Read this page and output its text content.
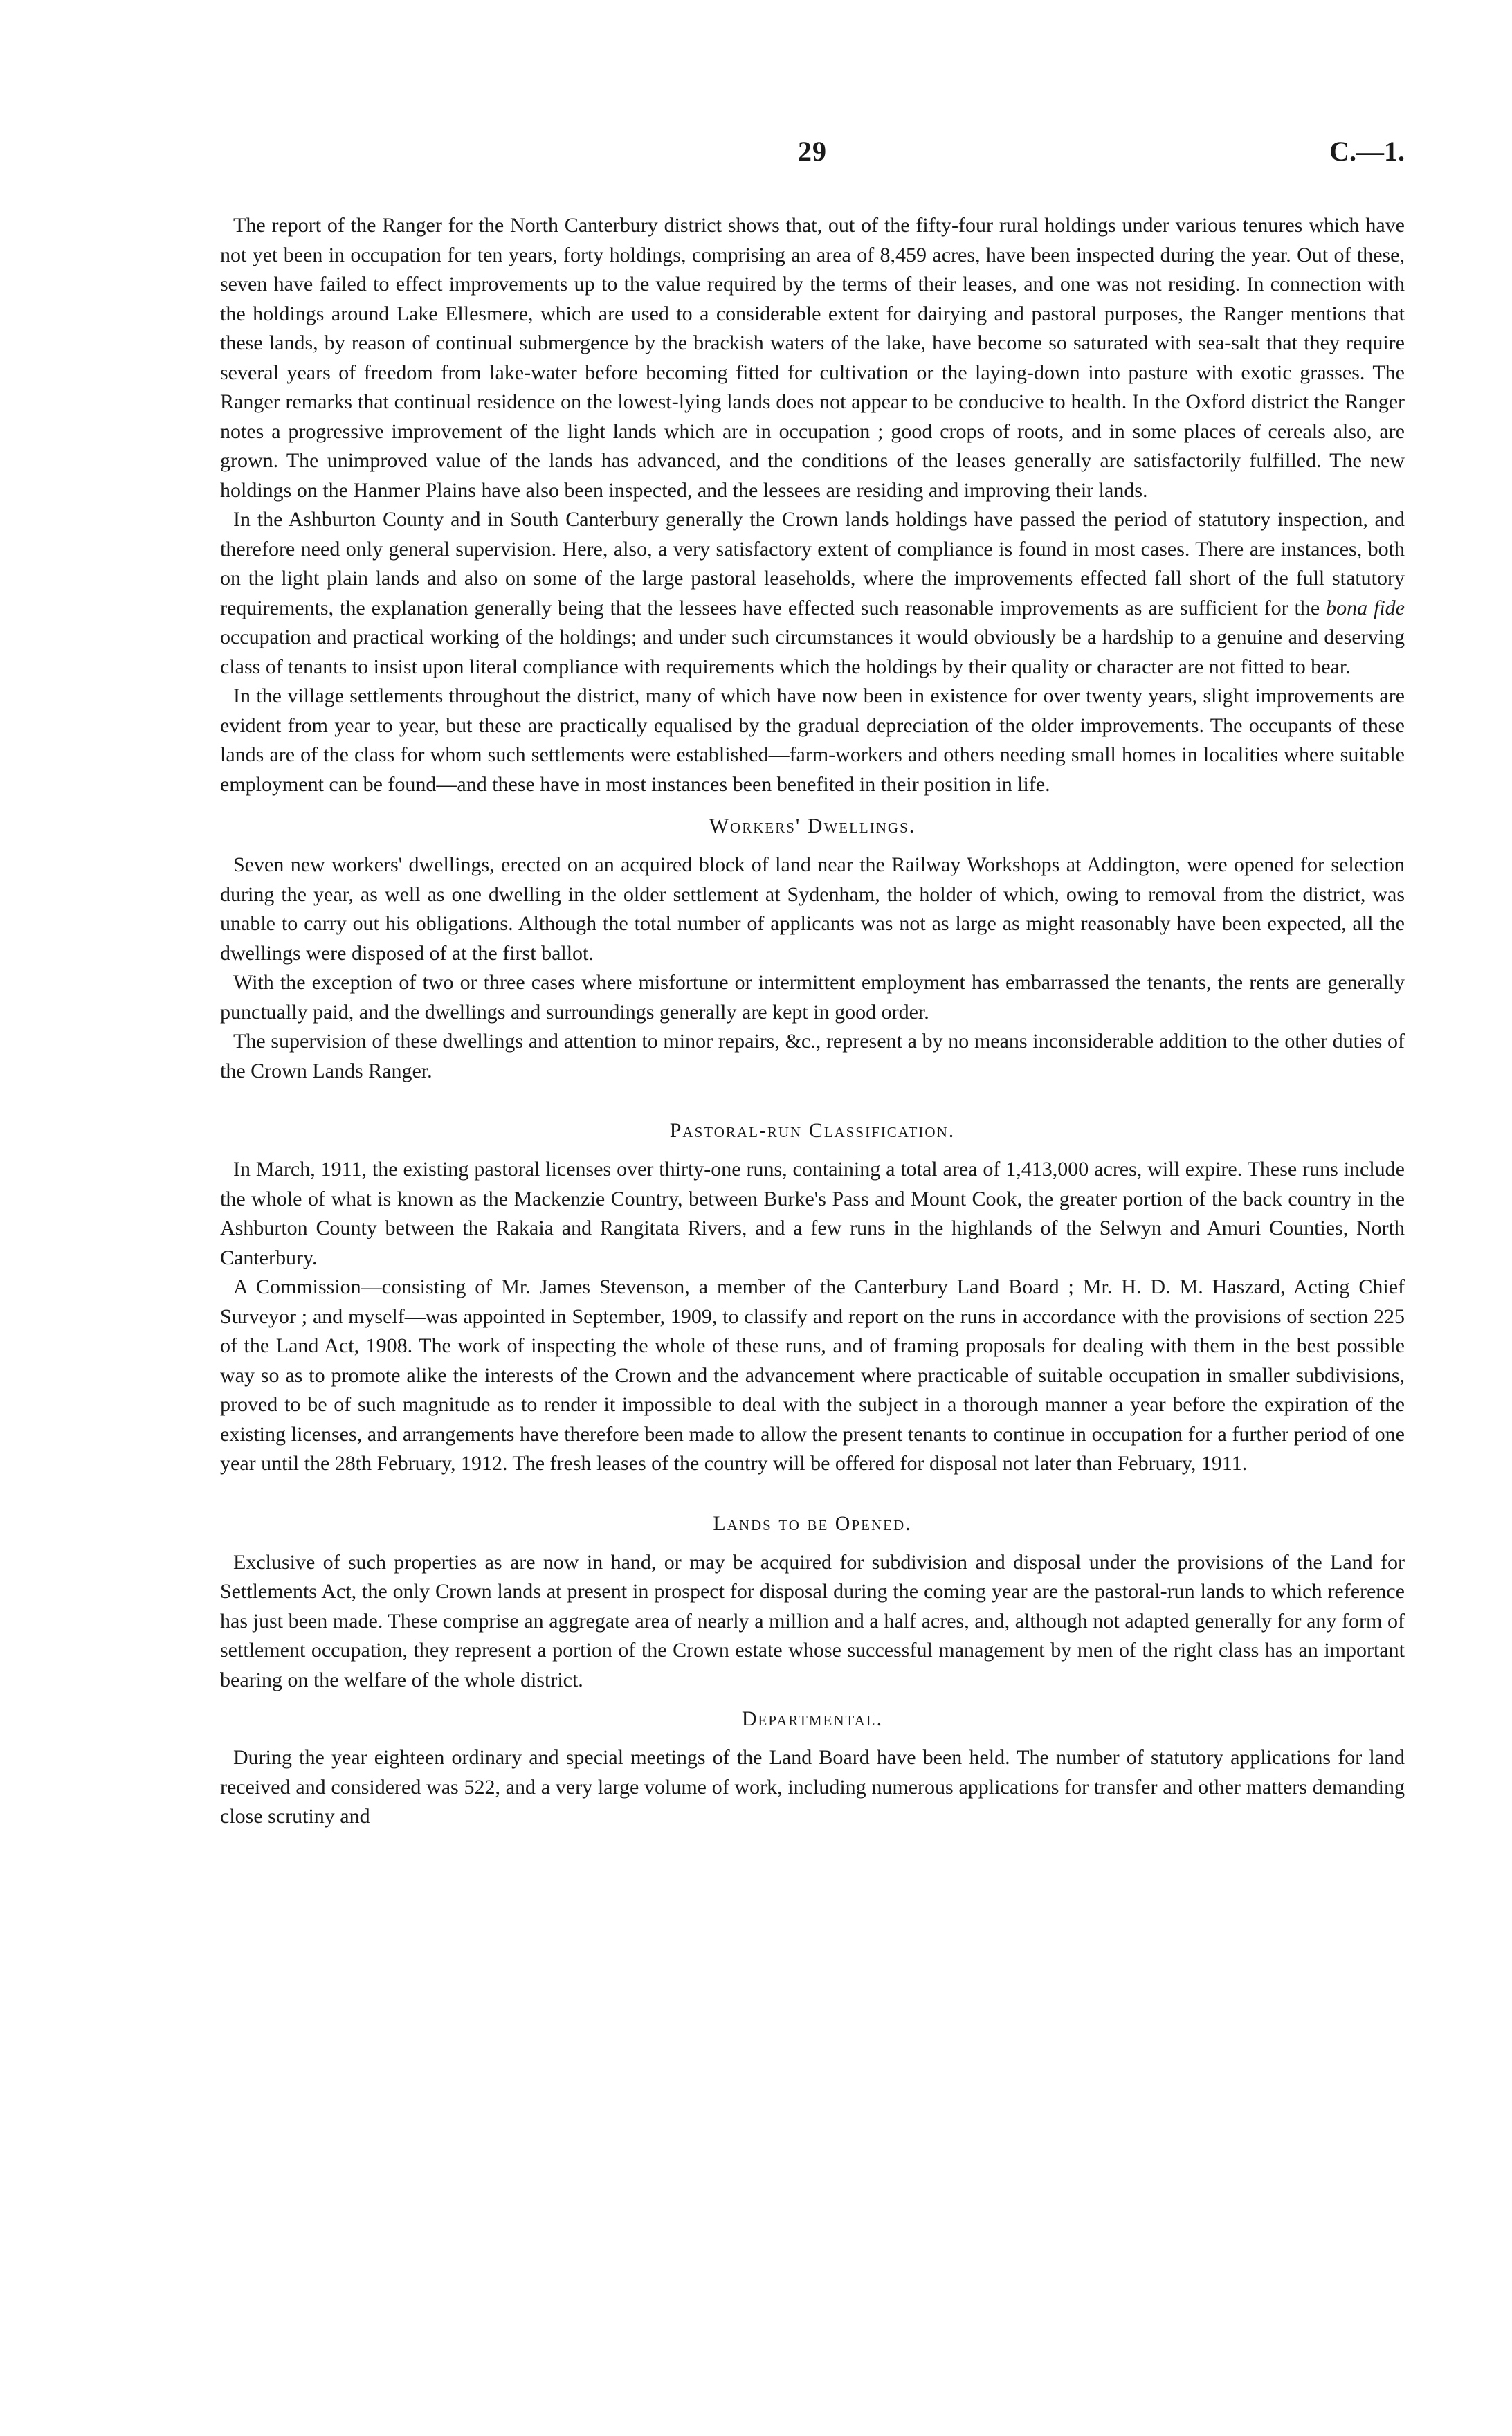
29	C.—1.

The report of the Ranger for the North Canterbury district shows that, out of the fifty-four rural holdings under various tenures which have not yet been in occupation for ten years, forty holdings, comprising an area of 8,459 acres, have been inspected during the year. Out of these, seven have failed to effect improvements up to the value required by the terms of their leases, and one was not residing. In connection with the holdings around Lake Ellesmere, which are used to a considerable extent for dairying and pastoral purposes, the Ranger mentions that these lands, by reason of continual submergence by the brackish waters of the lake, have become so saturated with sea-salt that they require several years of freedom from lake-water before becoming fitted for cultivation or the laying-down into pasture with exotic grasses. The Ranger remarks that continual residence on the lowest-lying lands does not appear to be conducive to health. In the Oxford district the Ranger notes a progressive improvement of the light lands which are in occupation ; good crops of roots, and in some places of cereals also, are grown. The unimproved value of the lands has advanced, and the conditions of the leases generally are satisfactorily fulfilled. The new holdings on the Hanmer Plains have also been inspected, and the lessees are residing and improving their lands.

In the Ashburton County and in South Canterbury generally the Crown lands holdings have passed the period of statutory inspection, and therefore need only general supervision. Here, also, a very satisfactory extent of compliance is found in most cases. There are instances, both on the light plain lands and also on some of the large pastoral leaseholds, where the improvements effected fall short of the full statutory requirements, the explanation generally being that the lessees have effected such reasonable improvements as are sufficient for the bona fide occupation and practical working of the holdings; and under such circumstances it would obviously be a hardship to a genuine and deserving class of tenants to insist upon literal compliance with requirements which the holdings by their quality or character are not fitted to bear.

In the village settlements throughout the district, many of which have now been in existence for over twenty years, slight improvements are evident from year to year, but these are practically equalised by the gradual depreciation of the older improvements. The occupants of these lands are of the class for whom such settlements were established—farm-workers and others needing small homes in localities where suitable employment can be found—and these have in most instances been benefited in their position in life.

Workers' Dwellings.

Seven new workers' dwellings, erected on an acquired block of land near the Railway Workshops at Addington, were opened for selection during the year, as well as one dwelling in the older settlement at Sydenham, the holder of which, owing to removal from the district, was unable to carry out his obligations. Although the total number of applicants was not as large as might reasonably have been expected, all the dwellings were disposed of at the first ballot.

With the exception of two or three cases where misfortune or intermittent employment has embarrassed the tenants, the rents are generally punctually paid, and the dwellings and surroundings generally are kept in good order.

The supervision of these dwellings and attention to minor repairs, &c., represent a by no means inconsiderable addition to the other duties of the Crown Lands Ranger.

Pastoral-run Classification.

In March, 1911, the existing pastoral licenses over thirty-one runs, containing a total area of 1,413,000 acres, will expire. These runs include the whole of what is known as the Mackenzie Country, between Burke's Pass and Mount Cook, the greater portion of the back country in the Ashburton County between the Rakaia and Rangitata Rivers, and a few runs in the highlands of the Selwyn and Amuri Counties, North Canterbury.

A Commission—consisting of Mr. James Stevenson, a member of the Canterbury Land Board ; Mr. H. D. M. Haszard, Acting Chief Surveyor ; and myself—was appointed in September, 1909, to classify and report on the runs in accordance with the provisions of section 225 of the Land Act, 1908. The work of inspecting the whole of these runs, and of framing proposals for dealing with them in the best possible way so as to promote alike the interests of the Crown and the advancement where practicable of suitable occupation in smaller subdivisions, proved to be of such magnitude as to render it impossible to deal with the subject in a thorough manner a year before the expiration of the existing licenses, and arrangements have therefore been made to allow the present tenants to continue in occupation for a further period of one year until the 28th February, 1912. The fresh leases of the country will be offered for disposal not later than February, 1911.

Lands to be Opened.

Exclusive of such properties as are now in hand, or may be acquired for subdivision and disposal under the provisions of the Land for Settlements Act, the only Crown lands at present in prospect for disposal during the coming year are the pastoral-run lands to which reference has just been made. These comprise an aggregate area of nearly a million and a half acres, and, although not adapted generally for any form of settlement occupation, they represent a portion of the Crown estate whose successful management by men of the right class has an important bearing on the welfare of the whole district.

Departmental.

During the year eighteen ordinary and special meetings of the Land Board have been held. The number of statutory applications for land received and considered was 522, and a very large volume of work, including numerous applications for transfer and other matters demanding close scrutiny and
